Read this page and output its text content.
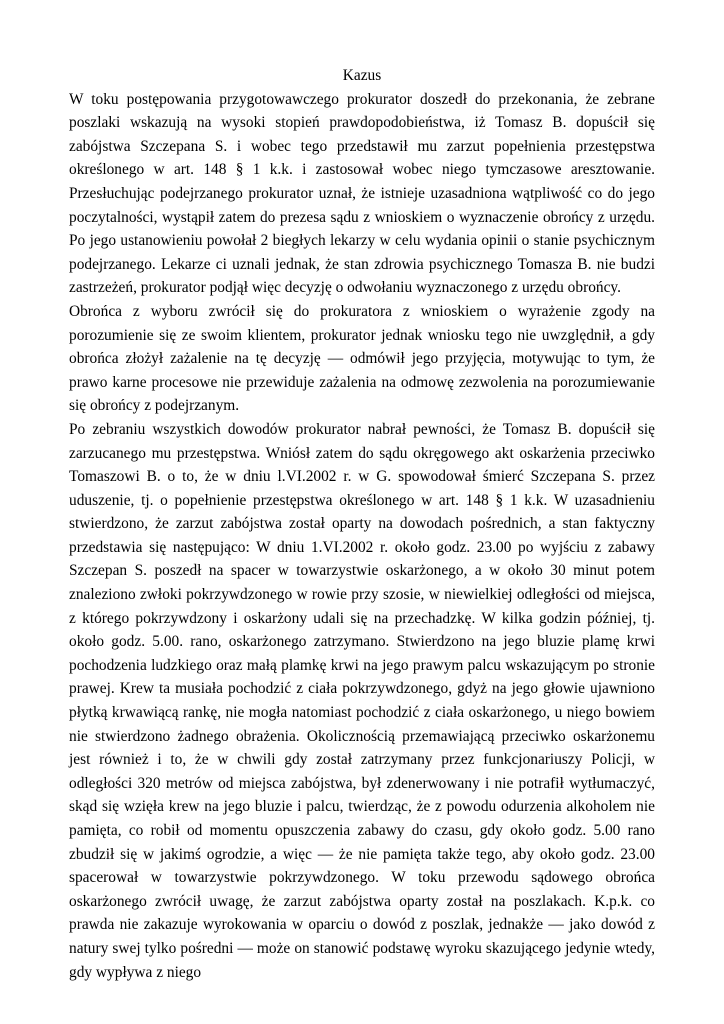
Kazus

W toku postępowania przygotowawczego prokurator doszedł do przekonania, że zebrane poszlaki wskazują na wysoki stopień prawdopodobieństwa, iż Tomasz B. dopuścił się zabójstwa Szczepana S. i wobec tego przedstawił mu zarzut popełnienia przestępstwa określonego w art. 148 § 1 k.k. i zastosował wobec niego tymczasowe aresztowanie. Przesłuchując podejrzanego prokurator uznał, że istnieje uzasadniona wątpliwość co do jego poczytalności, wystąpił zatem do prezesa sądu z wnioskiem o wyznaczenie obrońcy z urzędu. Po jego ustanowieniu powołał 2 biegłych lekarzy w celu wydania opinii o stanie psychicznym podejrzanego. Lekarze ci uznali jednak, że stan zdrowia psychicznego Tomasza B. nie budzi zastrzeżeń, prokurator podjął więc decyzję o odwołaniu wyznaczonego z urzędu obrońcy.

Obrońca z wyboru zwrócił się do prokuratora z wnioskiem o wyrażenie zgody na porozumienie się ze swoim klientem, prokurator jednak wniosku tego nie uwzględnił, a gdy obrońca złożył zażalenie na tę decyzję — odmówił jego przyjęcia, motywując to tym, że prawo karne procesowe nie przewiduje zażalenia na odmowę zezwolenia na porozumiewanie się obrońcy z podejrzanym.

Po zebraniu wszystkich dowodów prokurator nabrał pewności, że Tomasz B. dopuścił się zarzucanego mu przestępstwa. Wniósł zatem do sądu okręgowego akt oskarżenia przeciwko Tomaszowi B. o to, że w dniu l.VI.2002 r. w G. spowodował śmierć Szczepana S. przez uduszenie, tj. o popełnienie przestępstwa określonego w art. 148 § 1 k.k. W uzasadnieniu stwierdzono, że zarzut zabójstwa został oparty na dowodach pośrednich, a stan faktyczny przedstawia się następująco: W dniu 1.VI.2002 r. około godz. 23.00 po wyjściu z zabawy Szczepan S. poszedł na spacer w towarzystwie oskarżonego, a w około 30 minut potem znaleziono zwłoki pokrzywdzonego w rowie przy szosie, w niewielkiej odległości od miejsca, z którego pokrzywdzony i oskarżony udali się na przechadzkę. W kilka godzin później, tj. około godz. 5.00. rano, oskarżonego zatrzymano. Stwierdzono na jego bluzie plamę krwi pochodzenia ludzkiego oraz małą plamkę krwi na jego prawym palcu wskazującym po stronie prawej. Krew ta musiała pochodzić z ciała pokrzywdzonego, gdyż na jego głowie ujawniono płytką krwawiącą rankę, nie mogła natomiast pochodzić z ciała oskarżonego, u niego bowiem nie stwierdzono żadnego obrażenia. Okolicznością przemawiającą przeciwko oskarżonemu jest również i to, że w chwili gdy został zatrzymany przez funkcjonariuszy Policji, w odległości 320 metrów od miejsca zabójstwa, był zdenerwowany i nie potrafił wytłumaczyć, skąd się wzięła krew na jego bluzie i palcu, twierdząc, że z powodu odurzenia alkoholem nie pamięta, co robił od momentu opuszczenia zabawy do czasu, gdy około godz. 5.00 rano zbudził się w jakimś ogrodzie, a więc — że nie pamięta także tego, aby około godz. 23.00 spacerował w towarzystwie pokrzywdzonego. W toku przewodu sądowego obrońca oskarżonego zwrócił uwagę, że zarzut zabójstwa oparty został na poszlakach. K.p.k. co prawda nie zakazuje wyrokowania w oparciu o dowód z poszlak, jednakże — jako dowód z natury swej tylko pośredni — może on stanowić podstawę wyroku skazującego jedynie wtedy, gdy wypływa z niego
